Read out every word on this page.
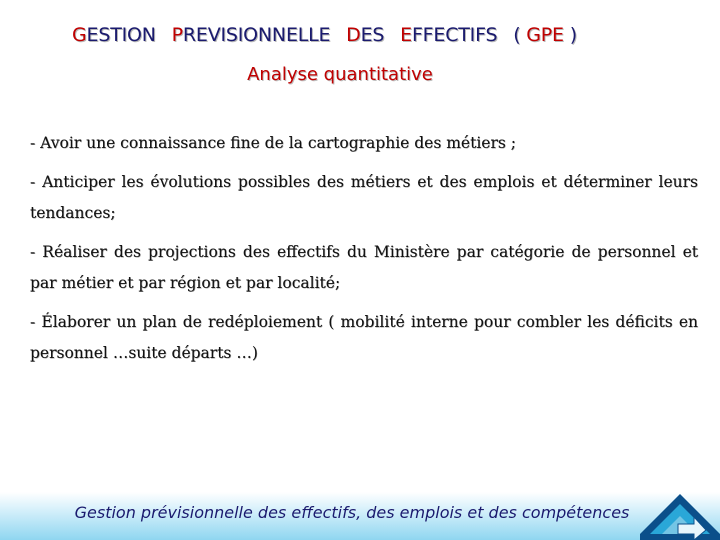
GESTION PREVISIONNELLE DES EFFECTIFS ( GPE )
Analyse quantitative

- Avoir une connaissance fine de la cartographie des métiers ;

- Anticiper les évolutions possibles des métiers et des emplois et déterminer leurs tendances;

- Réaliser des projections des effectifs du Ministère par catégorie de personnel et par métier et par région et par localité;

- Élaborer un plan de redéploiement ( mobilité interne pour combler les déficits en personnel …suite départs …)

Gestion prévisionnelle des effectifs, des emplois et des compétences
